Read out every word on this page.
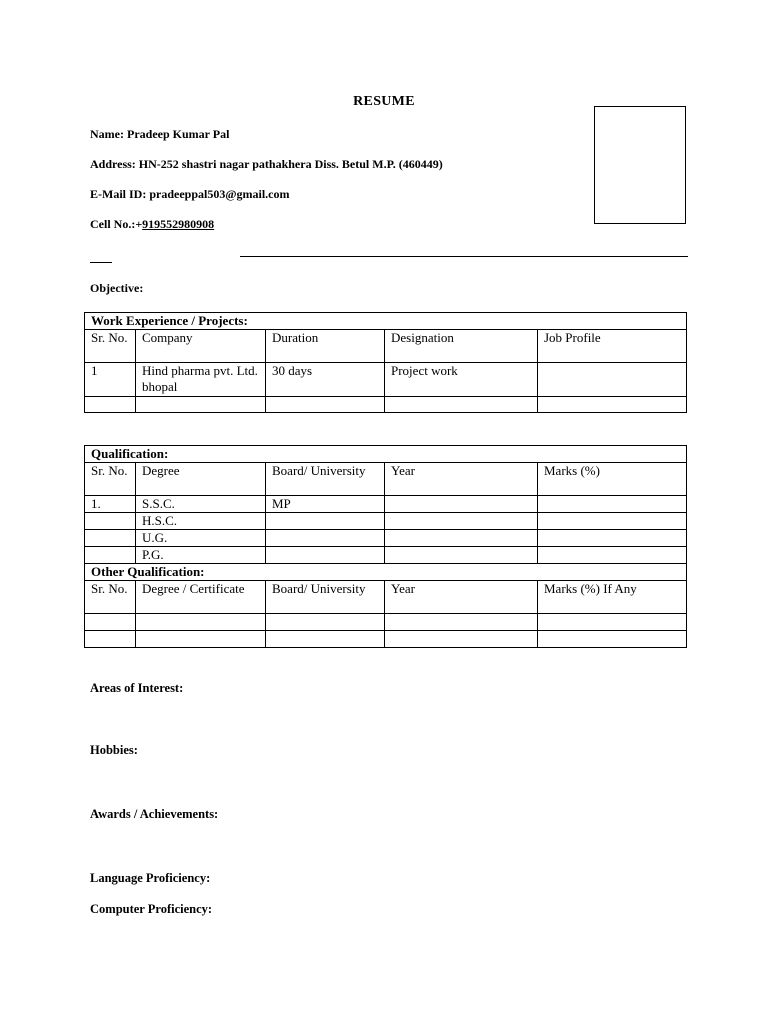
RESUME
Name: Pradeep Kumar Pal
Address: HN-252 shastri nagar pathakhera Diss. Betul M.P. (460449)
E-Mail ID: pradeeppal503@gmail.com
Cell No.:+919552980908
Objective:
Work Experience / Projects:				
Sr. No.	Company	Duration	Designation	Job Profile
1	Hind pharma pvt. Ltd. bhopal	30 days	Project work	

Qualification:				
Sr. No.	Degree	Board/ University	Year	Marks (%)
1.	S.S.C.	MP		
	H.S.C.			
	U.G.			
	P.G.			
Other Qualification:				
Sr. No.	Degree / Certificate	Board/ University	Year	Marks (%) If Any

Areas of Interest:
Hobbies:
Awards / Achievements:
Language Proficiency:
Computer Proficiency:
